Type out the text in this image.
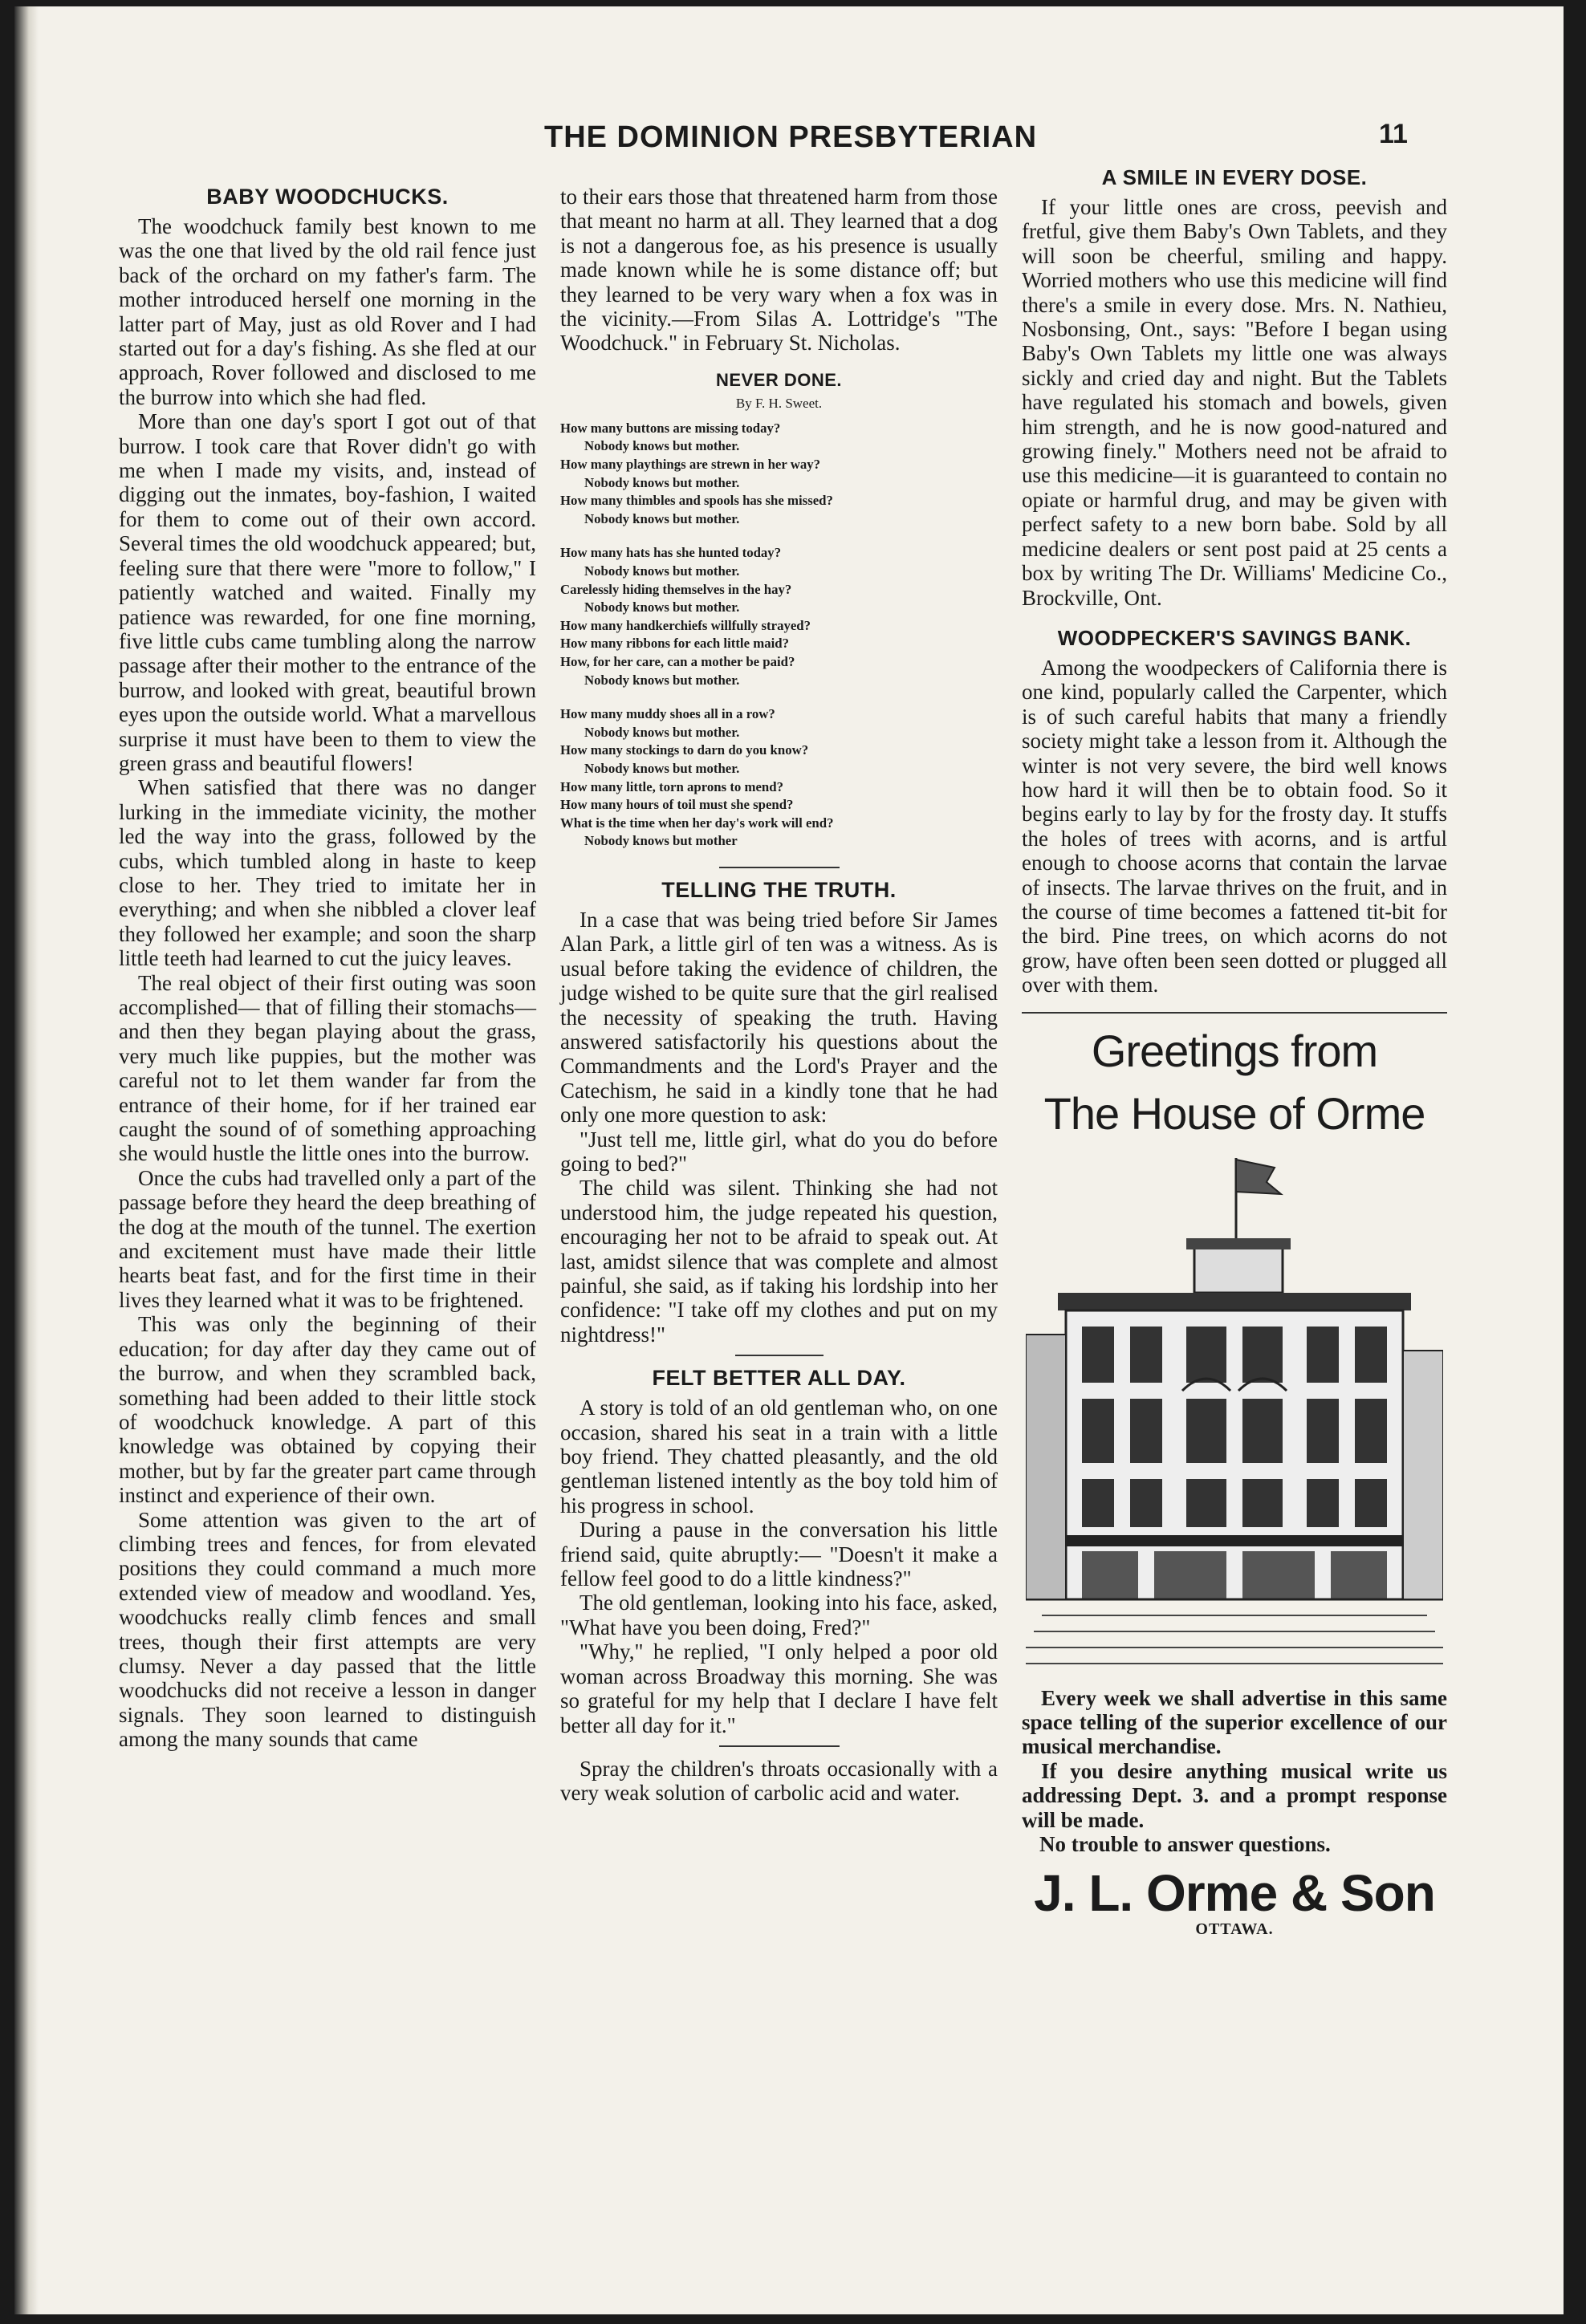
THE DOMINION PRESBYTERIAN	11
BABY WOODCHUCKS.

The woodchuck family best known to me was the one that lived by the old rail fence just back of the orchard on my father's farm. The mother introduced herself one morning in the latter part of May, just as old Rover and I had started out for a day's fishing. As she fled at our approach, Rover followed and disclosed to me the burrow into which she had fled.

More than one day's sport I got out of that burrow. I took care that Rover didn't go with me when I made my visits, and, instead of digging out the inmates, boy-fashion, I waited for them to come out of their own accord. Several times the old woodchuck appeared; but, feeling sure that there were "more to follow," I patiently watched and waited. Finally my patience was rewarded, for one fine morning, five little cubs came tumbling along the narrow passage after their mother to the entrance of the burrow, and looked with great, beautiful brown eyes upon the outside world. What a marvellous surprise it must have been to them to view the green grass and beautiful flowers!

When satisfied that there was no danger lurking in the immediate vicinity, the mother led the way into the grass, followed by the cubs, which tumbled along in haste to keep close to her. They tried to imitate her in everything; and when she nibbled a clover leaf they followed her example; and soon the sharp little teeth had learned to cut the juicy leaves.

The real object of their first outing was soon accomplished— that of filling their stomachs—and then they began playing about the grass, very much like puppies, but the mother was careful not to let them wander far from the entrance of their home, for if her trained ear caught the sound of of something approaching she would hustle the little ones into the burrow.

Once the cubs had travelled only a part of the passage before they heard the deep breathing of the dog at the mouth of the tunnel. The exertion and excitement must have made their little hearts beat fast, and for the first time in their lives they learned what it was to be frightened.

This was only the beginning of their education; for day after day they came out of the burrow, and when they scrambled back, something had been added to their little stock of woodchuck knowledge. A part of this knowledge was obtained by copying their mother, but by far the greater part came through instinct and experience of their own.

Some attention was given to the art of climbing trees and fences, for from elevated positions they could command a much more extended view of meadow and woodland. Yes, woodchucks really climb fences and small trees, though their first attempts are very clumsy. Never a day passed that the little woodchucks did not receive a lesson in danger signals. They soon learned to distinguish among the many sounds that came

to their ears those that threatened harm from those that meant no harm at all. They learned that a dog is not a dangerous foe, as his presence is usually made known while he is some distance off; but they learned to be very wary when a fox was in the vicinity.—From Silas A. Lottridge's "The Woodchuck." in February St. Nicholas.

NEVER DONE.
By F. H. Sweet.
How many buttons are missing today?
Nobody knows but mother.
How many playthings are strewn in her way?
Nobody knows but mother.
How many thimbles and spools has she missed?
Nobody knows but mother.
How many hats has she hunted today?
Nobody knows but mother.
Carelessly hiding themselves in the hay?
Nobody knows but mother.
How many handkerchiefs willfully strayed?
How many ribbons for each little maid?
How, for her care, can a mother be paid?
Nobody knows but mother.
How many muddy shoes all in a row?
Nobody knows but mother.
How many stockings to darn do you know?
Nobody knows but mother.
How many little, torn aprons to mend?
How many hours of toil must she spend?
What is the time when her day's work will end?
Nobody knows but mother
TELLING THE TRUTH.

In a case that was being tried before Sir James Alan Park, a little girl of ten was a witness. As is usual before taking the evidence of children, the judge wished to be quite sure that the girl realised the necessity of speaking the truth. Having answered satisfactorily his questions about the Commandments and the Lord's Prayer and the Catechism, he said in a kindly tone that he had only one more question to ask:

"Just tell me, little girl, what do you do before going to bed?"

The child was silent. Thinking she had not understood him, the judge repeated his question, encouraging her not to be afraid to speak out. At last, amidst silence that was complete and almost painful, she said, as if taking his lordship into her confidence: "I take off my clothes and put on my nightdress!"

FELT BETTER ALL DAY.

A story is told of an old gentleman who, on one occasion, shared his seat in a train with a little boy friend. They chatted pleasantly, and the old gentleman listened intently as the boy told him of his progress in school.

During a pause in the conversation his little friend said, quite abruptly:— "Doesn't it make a fellow feel good to do a little kindness?"

The old gentleman, looking into his face, asked, "What have you been doing, Fred?"

"Why," he replied, "I only helped a poor old woman across Broadway this morning. She was so grateful for my help that I declare I have felt better all day for it."

Spray the children's throats occasionally with a very weak solution of carbolic acid and water.

A SMILE IN EVERY DOSE.

If your little ones are cross, peevish and fretful, give them Baby's Own Tablets, and they will soon be cheerful, smiling and happy. Worried mothers who use this medicine will find there's a smile in every dose. Mrs. N. Nathieu, Nosbonsing, Ont., says: "Before I began using Baby's Own Tablets my little one was always sickly and cried day and night. But the Tablets have regulated his stomach and bowels, given him strength, and he is now good-natured and growing finely." Mothers need not be afraid to use this medicine—it is guaranteed to contain no opiate or harmful drug, and may be given with perfect safety to a new born babe. Sold by all medicine dealers or sent post paid at 25 cents a box by writing The Dr. Williams' Medicine Co., Brockville, Ont.

WOODPECKER'S SAVINGS BANK.

Among the woodpeckers of California there is one kind, popularly called the Carpenter, which is of such careful habits that many a friendly society might take a lesson from it. Although the winter is not very severe, the bird well knows how hard it will then be to obtain food. So it begins early to lay by for the frosty day. It stuffs the holes of trees with acorns, and is artful enough to choose acorns that contain the larvae of insects. The larvae thrives on the fruit, and in the course of time becomes a fattened tit-bit for the bird. Pine trees, on which acorns do not grow, have often been seen dotted or plugged all over with them.

Greetings from
The House of Orme

Every week we shall advertise in this same space telling of the superior excellence of our musical merchandise.

If you desire anything musical write us addressing Dept. 3. and a prompt response will be made.

No trouble to answer questions.

J. L. Orme & Son
OTTAWA.
